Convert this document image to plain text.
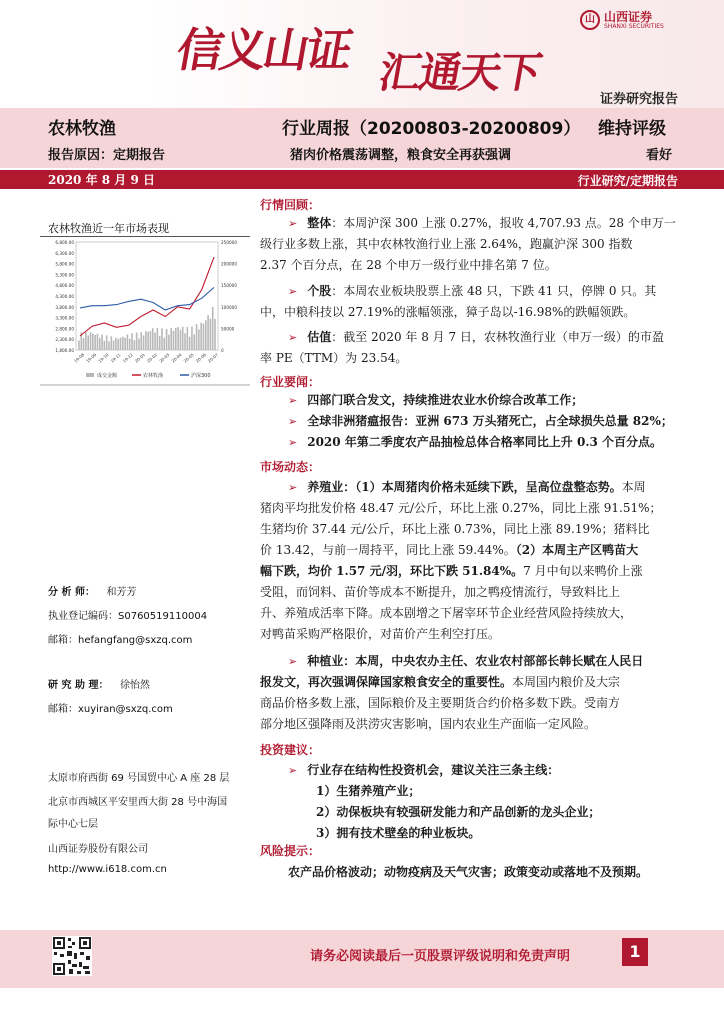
信义山证 汇通天下
山 山西证券
SHANXI SECURITIES
证券研究报告
农林牧渔	行业周报（20200803-20200809） 维持评级
报告原因：定期报告	猪肉价格震荡调整，粮食安全再获强调	看好
2020 年 8 月 9 日	行业研究/定期报告
农林牧渔近一年市场表现
6,800.00
6,300.00
5,800.00
5,300.00
4,800.00
4,300.00
3,800.00
3,300.00
2,800.00
2,300.00
1,800.00
250000
200000
150000
100000
50000
0
19-08 19-09 19-10 19-11 19-12 20-01 20-02 20-03 20-04 20-05 20-06 20-07
成交金额	农林牧渔	沪深300
分 析 师： 和芳芳
执业登记编码：S0760519110004
邮箱：hefangfang@sxzq.com
研 究 助 理： 徐怡然
邮箱：xuyiran@sxzq.com
太原市府西街 69 号国贸中心 A 座 28 层
北京市西城区平安里西大街 28 号中海国
际中心七层
山西证券股份有限公司
http://www.i618.com.cn
行情回顾：
➢ 整体：本周沪深 300 上涨 0.27%，报收 4,707.93 点。28 个申万一
级行业多数上涨，其中农林牧渔行业上涨 2.64%，跑赢沪深 300 指数
2.37 个百分点，在 28 个申万一级行业中排名第 7 位。
➢ 个股：本周农业板块股票上涨 48 只，下跌 41 只，停牌 0 只。其
中，中粮科技以 27.19%的涨幅领涨，獐子岛以-16.98%的跌幅领跌。
➢ 估值：截至 2020 年 8 月 7 日，农林牧渔行业（申万一级）的市盈
率 PE（TTM）为 23.54。
行业要闻：
➢ 四部门联合发文，持续推进农业水价综合改革工作；
➢ 全球非洲猪瘟报告：亚洲 673 万头猪死亡，占全球损失总量 82%；
➢ 2020 年第二季度农产品抽检总体合格率同比上升 0.3 个百分点。
市场动态：
➢ 养殖业：（1）本周猪肉价格未延续下跌，呈高位盘整态势。本周
猪肉平均批发价格 48.47 元/公斤，环比上涨 0.27%，同比上涨 91.51%；
生猪均价 37.44 元/公斤，环比上涨 0.73%，同比上涨 89.19%；猪料比
价 13.42，与前一周持平，同比上涨 59.44%。（2）本周主产区鸭苗大
幅下跌，均价 1.57 元/羽，环比下跌 51.84%。7 月中旬以来鸭价上涨
受阻，而饲料、苗价等成本不断提升，加之鸭疫情流行，导致料比上
升、养殖成活率下降。成本剧增之下屠宰环节企业经营风险持续放大，
对鸭苗采购严格限价，对苗价产生利空打压。
➢ 种植业：本周，中央农办主任、农业农村部部长韩长赋在人民日
报发文，再次强调保障国家粮食安全的重要性。本周国内粮价及大宗
商品价格多数上涨，国际粮价及主要期货合约价格多数下跌。受南方
部分地区强降雨及洪涝灾害影响，国内农业生产面临一定风险。
投资建议：
➢ 行业存在结构性投资机会，建议关注三条主线：
1）生猪养殖产业；
2）动保板块有较强研发能力和产品创新的龙头企业；
3）拥有技术壁垒的种业板块。
风险提示：
农产品价格波动；动物疫病及天气灾害；政策变动或落地不及预期。
请务必阅读最后一页股票评级说明和免责声明	1
